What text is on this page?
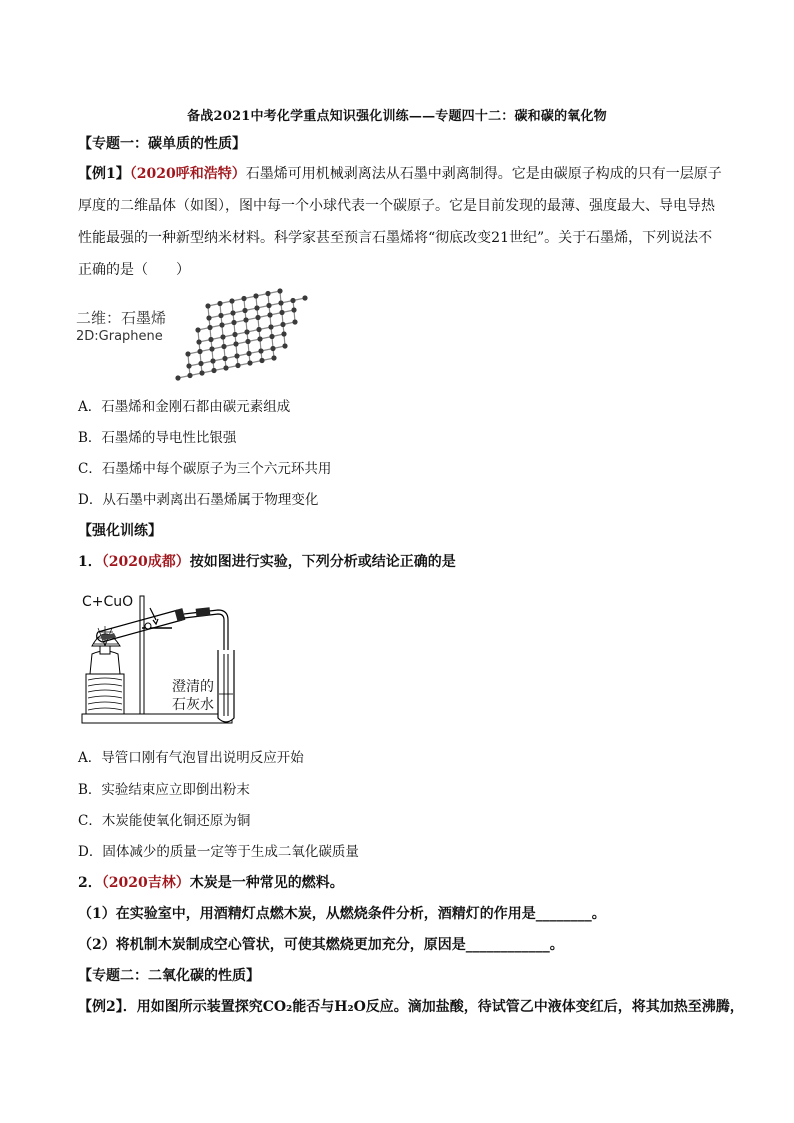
备战2021中考化学重点知识强化训练——专题四十二：碳和碳的氧化物
【专题一：碳单质的性质】
【例1】（2020呼和浩特）石墨烯可用机械剥离法从石墨中剥离制得。它是由碳原子构成的只有一层原子
厚度的二维晶体（如图），图中每一个小球代表一个碳原子。它是目前发现的最薄、强度最大、导电导热
性能最强的一种新型纳米材料。科学家甚至预言石墨烯将“彻底改变21世纪”。关于石墨烯，下列说法不
正确的是（　　）
二维：石墨烯
2D:Graphene
A．石墨烯和金刚石都由碳元素组成
B．石墨烯的导电性比银强
C．石墨烯中每个碳原子为三个六元环共用
D．从石墨中剥离出石墨烯属于物理变化
【强化训练】
1．（2020成都）按如图进行实验，下列分析或结论正确的是
C+CuO
澄清的
石灰水
A．导管口刚有气泡冒出说明反应开始
B．实验结束应立即倒出粉末
C．木炭能使氧化铜还原为铜
D．固体减少的质量一定等于生成二氧化碳质量
2．（2020吉林）木炭是一种常见的燃料。
（1）在实验室中，用酒精灯点燃木炭，从燃烧条件分析，酒精灯的作用是________。
（2）将机制木炭制成空心管状，可使其燃烧更加充分，原因是____________。
【专题二：二氧化碳的性质】
【例2】．用如图所示装置探究CO₂能否与H₂O反应。滴加盐酸，待试管乙中液体变红后，将其加热至沸腾，
